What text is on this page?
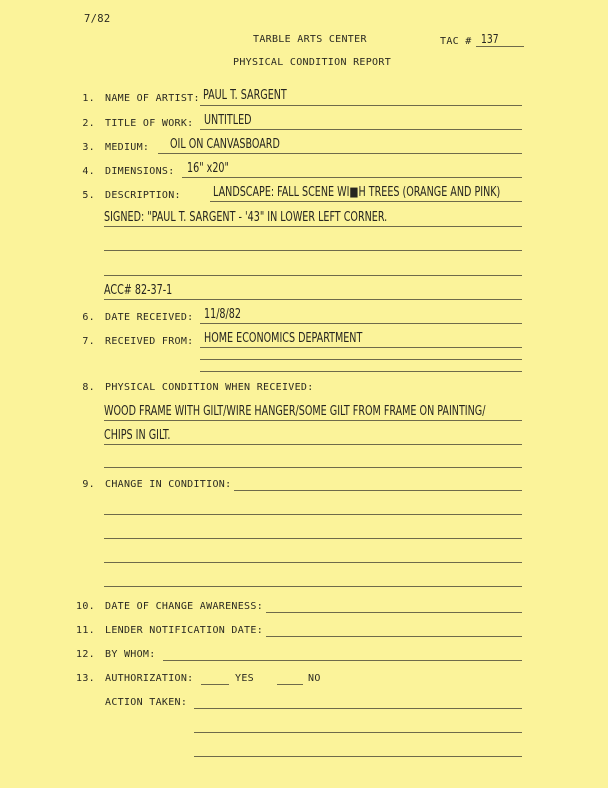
7/82
TARBLE ARTS CENTER
PHYSICAL CONDITION REPORT
TAC # 137
1. NAME OF ARTIST: PAUL T. SARGENT
2. TITLE OF WORK: UNTITLED
3. MEDIUM: OIL ON CANVASBOARD
4. DIMENSIONS: 16" x20"
5. DESCRIPTION: LANDSCAPE: FALL SCENE WI■H TREES (ORANGE AND PINK)
SIGNED: "PAUL T. SARGENT - '43" IN LOWER LEFT CORNER.
ACC# 82-37-1
6. DATE RECEIVED: 11/8/82
7. RECEIVED FROM: HOME ECONOMICS DEPARTMENT
8. PHYSICAL CONDITION WHEN RECEIVED:
WOOD FRAME WITH GILT/WIRE HANGER/SOME GILT FROM FRAME ON PAINTING/
CHIPS IN GILT.
9. CHANGE IN CONDITION:
10. DATE OF CHANGE AWARENESS:
11. LENDER NOTIFICATION DATE:
12. BY WHOM:
13. AUTHORIZATION:	YES	NO
ACTION TAKEN:
